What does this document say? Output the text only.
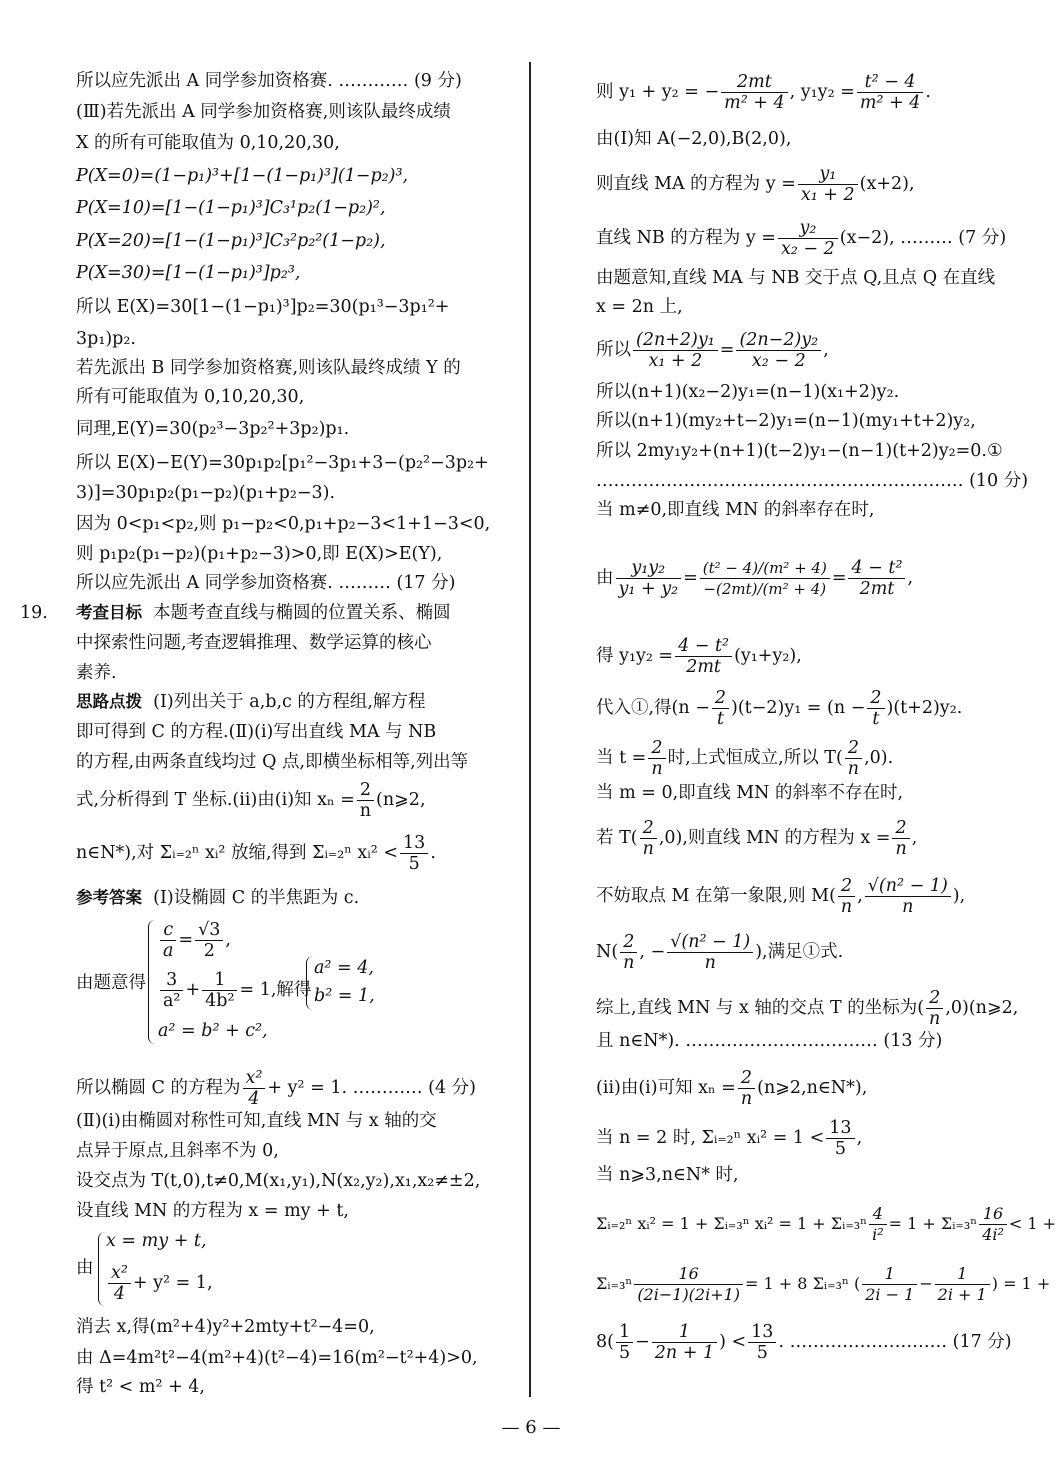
所以应先派出 A 同学参加资格赛. ………… (9 分)
(Ⅲ)若先派出 A 同学参加资格赛,则该队最终成绩
X 的所有可能取值为 0,10,20,30,
P(X=0)=(1−p₁)³+[1−(1−p₁)³](1−p₂)³,
P(X=10)=[1−(1−p₁)³]C₃¹p₂(1−p₂)²,
P(X=20)=[1−(1−p₁)³]C₃²p₂²(1−p₂),
P(X=30)=[1−(1−p₁)³]p₂³,
所以 E(X)=30[1−(1−p₁)³]p₂=30(p₁³−3p₁²+
3p₁)p₂.
若先派出 B 同学参加资格赛,则该队最终成绩 Y 的
所有可能取值为 0,10,20,30,
同理,E(Y)=30(p₂³−3p₂²+3p₂)p₁.
所以 E(X)−E(Y)=30p₁p₂[p₁²−3p₁+3−(p₂²−3p₂+
3)]=30p₁p₂(p₁−p₂)(p₁+p₂−3).
因为 0<p₁<p₂,则 p₁−p₂<0,p₁+p₂−3<1+1−3<0,
则 p₁p₂(p₁−p₂)(p₁+p₂−3)>0,即 E(X)>E(Y),
所以应先派出 A 同学参加资格赛. ……… (17 分)
19. 考查目标 本题考查直线与椭圆的位置关系、椭圆
中探索性问题,考查逻辑推理、数学运算的核心
素养.
思路点拨 (Ⅰ)列出关于 a,b,c 的方程组,解方程
即可得到 C 的方程.(Ⅱ)(ⅰ)写出直线 MA 与 NB
的方程,由两条直线均过 Q 点,即横坐标相等,列出等
式,分析得到 T 坐标.(ⅱ)由(ⅰ)知 $x_n = \frac{2}{n}$ (n⩾2,
n∈N*),对 Σᵢ₌₂ⁿ xᵢ² 放缩,得到 Σᵢ₌₂ⁿ xᵢ² < $\frac{13}{5}$ .
参考答案 (Ⅰ)设椭圆 C 的半焦距为 c.
由题意得
$\frac{c}{a} = \frac{√3}{2}$ ,
$\frac{3}{\text{a²}} + \frac{1}{\text{4b²}} = 1$,解得
a² = b² + c²,
a² = 4,
b² = 1,
所以椭圆 C 的方程为 $\frac{\text{x²}}{4} + y^2 = 1$. ………… (4 分)
(Ⅱ)(ⅰ)由椭圆对称性可知,直线 MN 与 x 轴的交
点异于原点,且斜率不为 0,
设交点为 T(t,0),t≠0,M(x₁,y₁),N(x₂,y₂),x₁,x₂≠±2,
设直线 MN 的方程为 x = my + t,
由
x = my + t,
$\frac{\text{x²}}{4} + y^2 = 1$,
消去 x,得(m²+4)y²+2mty+t²−4=0,
由 Δ=4m²t²−4(m²+4)(t²−4)=16(m²−t²+4)>0,
得 t² < m² + 4,
则 y₁ + y₂ = − $\frac{2mt}{\text{m² + 4}}$ , $y_1y_2 = \frac{\text{t² − 4}}{\text{m² + 4}}$ .
由(Ⅰ)知 A(−2,0),B(2,0),
则直线 MA 的方程为 $y = \frac{\text{y₁}}{\text{x₁ + 2}} (x+2)$,
直线 NB 的方程为 $y = \frac{\text{y₂}}{\text{x₂ − 2}} (x-2)$, ……… (7 分)
由题意知,直线 MA 与 NB 交于点 Q,且点 Q 在直线
x = 2n 上,
所以 $\frac{\text{(2n+2)y₁}}{\text{x₁ + 2}} = \frac{\text{(2n−2)y₂}}{\text{x₂ − 2}}$ ,
所以(n+1)(x₂−2)y₁=(n−1)(x₁+2)y₂.
所以(n+1)(my₂+t−2)y₁=(n−1)(my₁+t+2)y₂,
所以 2my₁y₂+(n+1)(t−2)y₁−(n−1)(t+2)y₂=0.①
……………………………………………………… (10 分)
当 m≠0,即直线 MN 的斜率存在时,
由 $\frac{\text{y₁y₂}}{\text{y₁ + y₂}} = \frac{\text{(t² − 4)/(m² + 4)}}{\text{−(2mt)/(m² + 4)}} = \frac{\text{4 − t²}}{2mt}$ ,
得 $y_1y_2 = \frac{\text{4 − t²}}{2mt} (y_1+y_2)$,
代入①,得$(n - \frac{2}{t} )(t-2)y_1 = (n - \frac{2}{t} )(t+2)y_2$.
当 $t = \frac{2}{n}$ 时,上式恒成立,所以 $T( \frac{2}{n} ,0)$.
当 m = 0,即直线 MN 的斜率不存在时,
若 $T( \frac{2}{n} ,0)$,则直线 MN 的方程为 $x = \frac{2}{n}$ ,
不妨取点 M 在第一象限,则 $M( \frac{2}{n}$ , $\frac{\text{√(n² − 1)}}{n}$ ),
$N( \frac{2}{n}$ , − $\frac{\text{√(n² − 1)}}{n}$ ),满足①式.
综上,直线 MN 与 x 轴的交点 T 的坐标为( $\frac{2}{n}$ ,0)(n⩾2,
且 n∈N*). …………………………… (13 分)
(ⅱ)由(ⅰ)可知 $x_n = \frac{2}{n}$ (n⩾2,n∈N*),
当 n = 2 时, Σᵢ₌₂ⁿ xᵢ² = $1 < \frac{13}{5}$ ,
当 n⩾3,n∈N* 时,
Σᵢ₌₂ⁿ xᵢ² = 1 + Σᵢ₌₃ⁿ xᵢ² = 1 + Σᵢ₌₃ⁿ $\frac{4}{\text{i²}} = 1$ + Σᵢ₌₃ⁿ $\frac{16}{\text{4i²}} < 1$ +
Σᵢ₌₃ⁿ $\frac{16}{(2i-1)(2i+1)} = 1 + 8$ Σᵢ₌₃ⁿ ( $\frac{1}{2i - 1} - \frac{1}{2i + 1}$ ) = 1 +
$8( \frac{1}{5} - \frac{1}{2n + 1}$ ) < $\frac{13}{5}$ . ……………………… (17 分)
— 6 —
